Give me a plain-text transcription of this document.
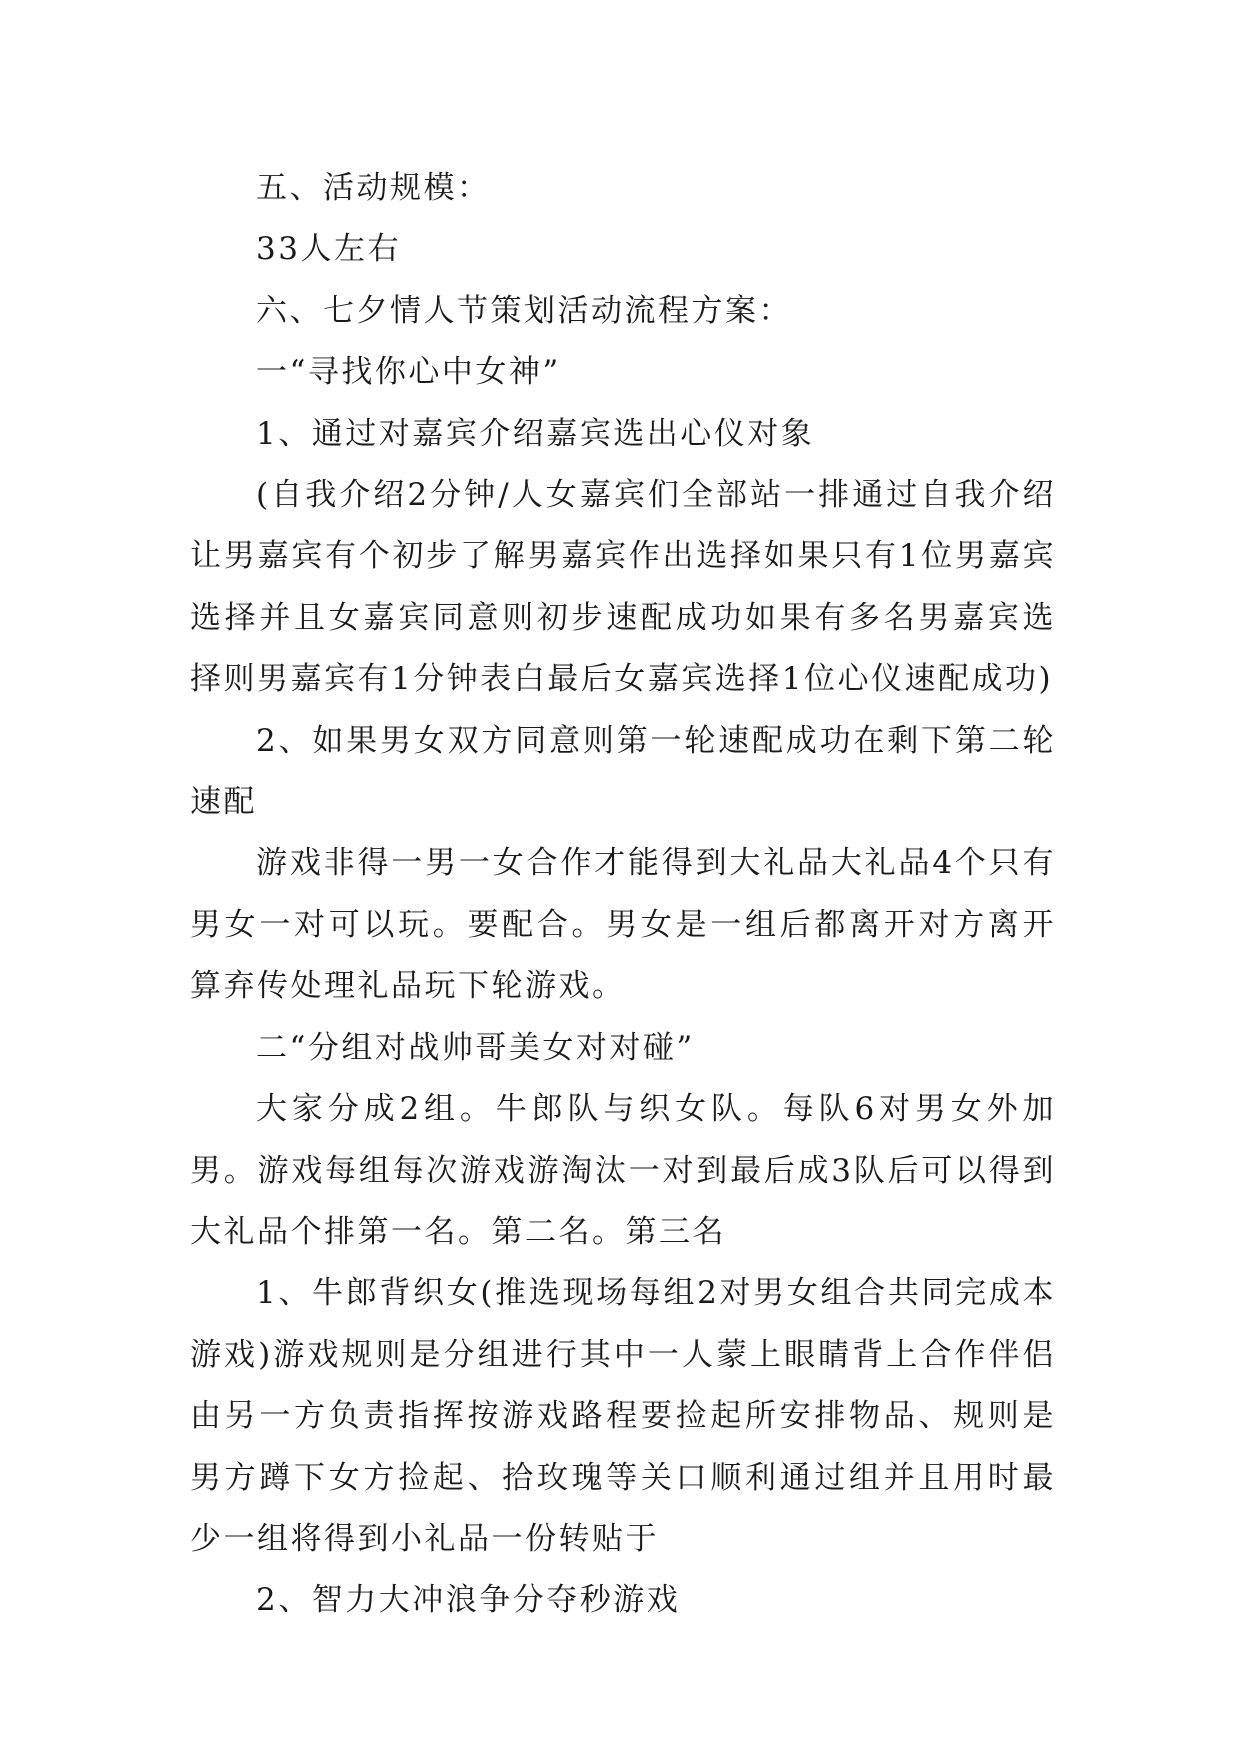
五、活动规模：

33人左右

六、七夕情人节策划活动流程方案：

一“寻找你心中女神”

1、通过对嘉宾介绍嘉宾选出心仪对象

(自我介绍2分钟/人女嘉宾们全部站一排通过自我介绍让男嘉宾有个初步了解男嘉宾作出选择如果只有1位男嘉宾选择并且女嘉宾同意则初步速配成功如果有多名男嘉宾选择则男嘉宾有1分钟表白最后女嘉宾选择1位心仪速配成功)

2、如果男女双方同意则第一轮速配成功在剩下第二轮速配

游戏非得一男一女合作才能得到大礼品大礼品4个只有男女一对可以玩。要配合。男女是一组后都离开对方离开算弃传处理礼品玩下轮游戏。

二“分组对战帅哥美女对对碰”

大家分成2组。牛郎队与织女队。每队6对男女外加男。游戏每组每次游戏游淘汰一对到最后成3队后可以得到大礼品个排第一名。第二名。第三名

1、牛郎背织女(推选现场每组2对男女组合共同完成本游戏)游戏规则是分组进行其中一人蒙上眼睛背上合作伴侣由另一方负责指挥按游戏路程要捡起所安排物品、规则是男方蹲下女方捡起、拾玫瑰等关口顺利通过组并且用时最少一组将得到小礼品一份转贴于

2、智力大冲浪争分夺秒游戏
